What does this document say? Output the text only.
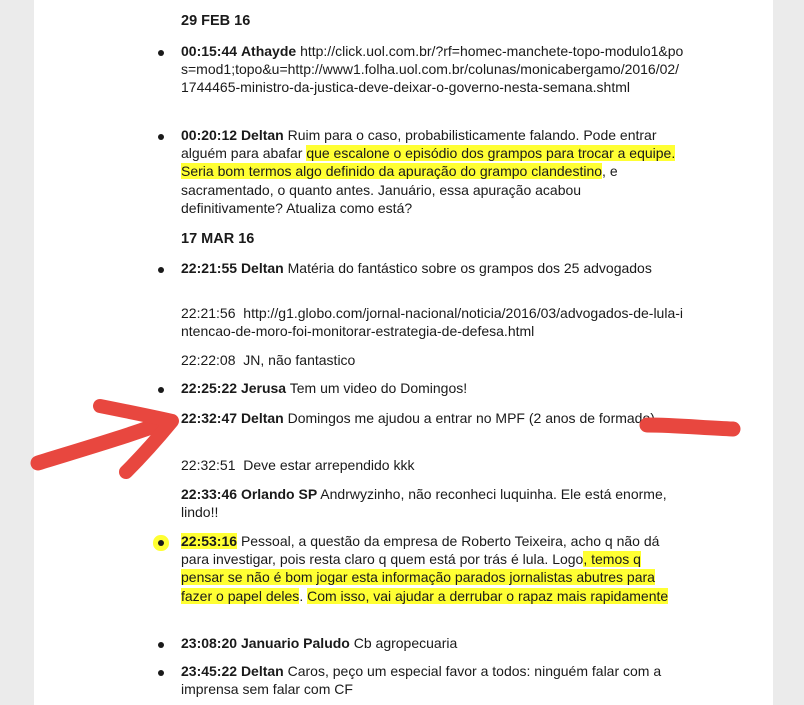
29 FEB 16
00:15:44 Athayde http://click.uol.com.br/?rf=homec-manchete-topo-modulo1&pos=mod1;topo&u=http://www1.folha.uol.com.br/colunas/monicabergamo/2016/02/1744465-ministro-da-justica-deve-deixar-o-governo-nesta-semana.shtml
00:20:12 Deltan Ruim para o caso, probabilisticamente falando. Pode entrar alguém para abafar que escalone o episódio dos grampos para trocar a equipe. Seria bom termos algo definido da apuração do grampo clandestino, e sacramentado, o quanto antes. Januário, essa apuração acabou definitivamente? Atualiza como está?
17 MAR 16
22:21:55 Deltan Matéria do fantástico sobre os grampos dos 25 advogados
22:21:56 http://g1.globo.com/jornal-nacional/noticia/2016/03/advogados-de-lula-intencao-de-moro-foi-monitorar-estrategia-de-defesa.html
22:22:08 JN, não fantastico
22:25:22 Jerusa Tem um video do Domingos!
22:32:47 Deltan Domingos me ajudou a entrar no MPF (2 anos de formado)
22:32:51 Deve estar arrependido kkk
22:33:46 Orlando SP Andrwyzinho, não reconheci luquinha. Ele está enorme, lindo!!
22:53:16 Pessoal, a questão da empresa de Roberto Teixeira, acho q não dá para investigar, pois resta claro q quem está por trás é lula. Logo, temos q pensar se não é bom jogar esta informação parados jornalistas abutres para fazer o papel deles. Com isso, vai ajudar a derrubar o rapaz mais rapidamente
23:08:20 Januario Paludo Cb agropecuaria
23:45:22 Deltan Caros, peço um especial favor a todos: ninguém falar com a imprensa sem falar com CF
